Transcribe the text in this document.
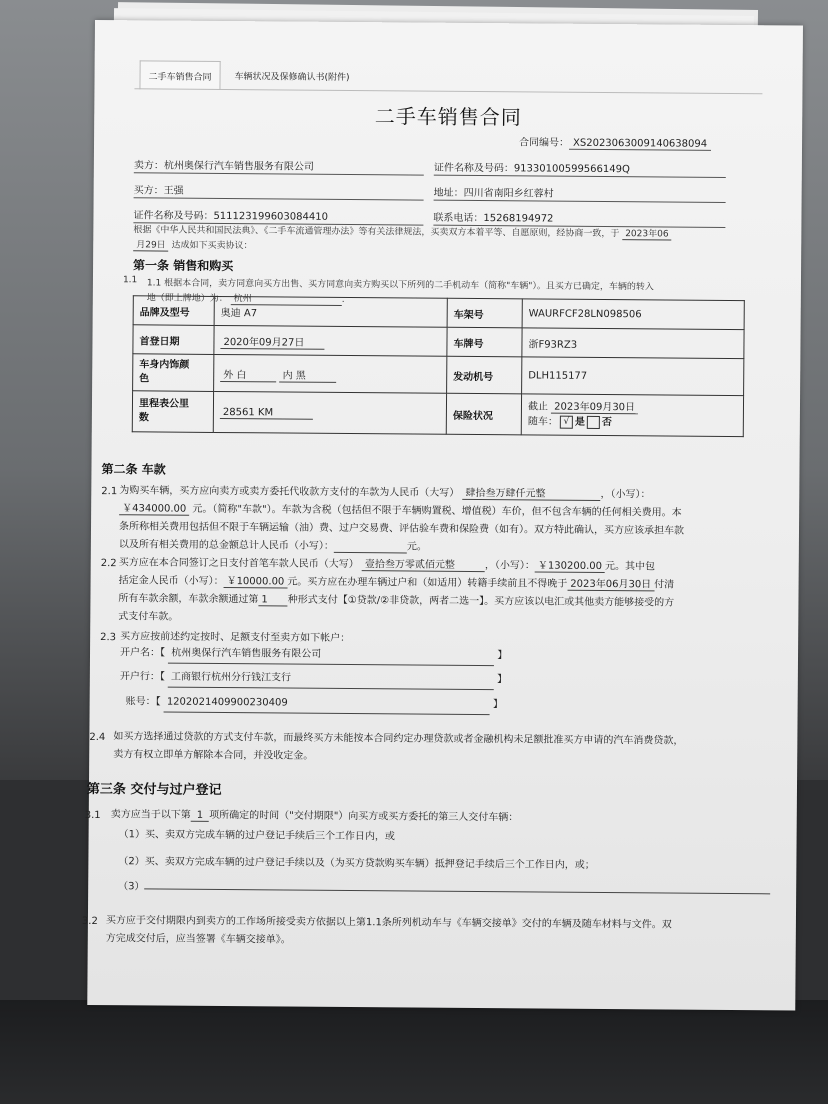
二手车销售合同	车辆状况及保修确认书(附件)
二手车销售合同
合同编号： XS20230630091406380​94
卖方：杭州奥保行汽车销售服务有限公司	证件名称及号码：91330100599566149Q
买方：王强	地址：四川省南阳乡红蓉村
证件名称及号码：511123199603084410	联系电话：15268194972
根据《中华人民共和国民法典》、《二手车流通管理办法》等有关法律规法，买卖双方本着平等、自愿原则，经协商一致，于 2023年06
月29日 达成如下买卖协议：
第一条 销售和购买
1.1 1.1 根据本合同，卖方同意向买方出售、买方同意向卖方购买以下所列的二手机动车（简称"车辆"）。且买方已确定，车辆的转入
地（即上牌地）为： 杭州	.
品牌及型号	奥迪 A7	车架号	WAURFCF28LN098506
首登日期	2020年09月27日	车牌号	浙F93RZ3
车身内饰颜
色	外 白 内 黑	发动机号	DLH115177
里程表公里
数	28561 KM	保险状况	截止 2023年09月30日
随车： √ 是 否
第二条 车款
2.1 为购买车辆，买方应向卖方或卖方委托代收款方支付的车款为人民币（大写） 肆拾叁万肆仟元整	，（小写）：
￥434000.00 元。（简称"车款"）。车款为含税（包括但不限于车辆购置税、增值税）车价，但不包含车辆的任何相关费用。本
条所称相关费用包括但不限于车辆运输（油）费、过户交易费、评估验车费和保险费（如有）。双方特此确认，买方应该承担车款
以及所有相关费用的总金额总计人民币（小写）：	元。
2.2 买方应在本合同签订之日支付首笔车款人民币（大写） 壹拾叁万零贰佰元整	，（小写）： ￥130200.00 元。其中包
括定金人民币（小写）： ￥10000.00 元。买方应在办理车辆过户和（如适用）转籍手续前且不得晚于 2023年06月30日 付清
所有车款余额，车款余额通过第 1 种形式支付【①贷款/②非贷款，两者二选一】。买方应该以电汇或其他卖方能够接受的方
式支付车款。
2.3 买方应按前述约定按时、足额支付至卖方如下帐户：
开户名：【 杭州奥保行汽车销售服务有限公司	】
开户行：【 工商银行杭州分行钱江支行	】
账号：【 1202021409900230409	】
2.4 如买方选择通过贷款的方式支付车款，而最终买方未能按本合同约定办理贷款或者金融机构未足额批准买方申请的汽车消费贷款，
卖方有权立即单方解除本合同，并没收定金。
第三条 交付与过户登记
3.1 卖方应当于以下第 1 项所确定的时间（"交付期限"）向买方或买方委托的第三人交付车辆：
（1）买、卖双方完成车辆的过户登记手续后三个工作日内，或
（2）买、卖双方完成车辆的过户登记手续以及（为买方贷款购买车辆）抵押登记手续后三个工作日内，或；
（3）
3.2 买方应于交付期限内到卖方的工作场所接受卖方依据以上第1.1条所列机动车与《车辆交接单》交付的车辆及随车材料与文件。双
方完成交付后，应当签署《车辆交接单》。
